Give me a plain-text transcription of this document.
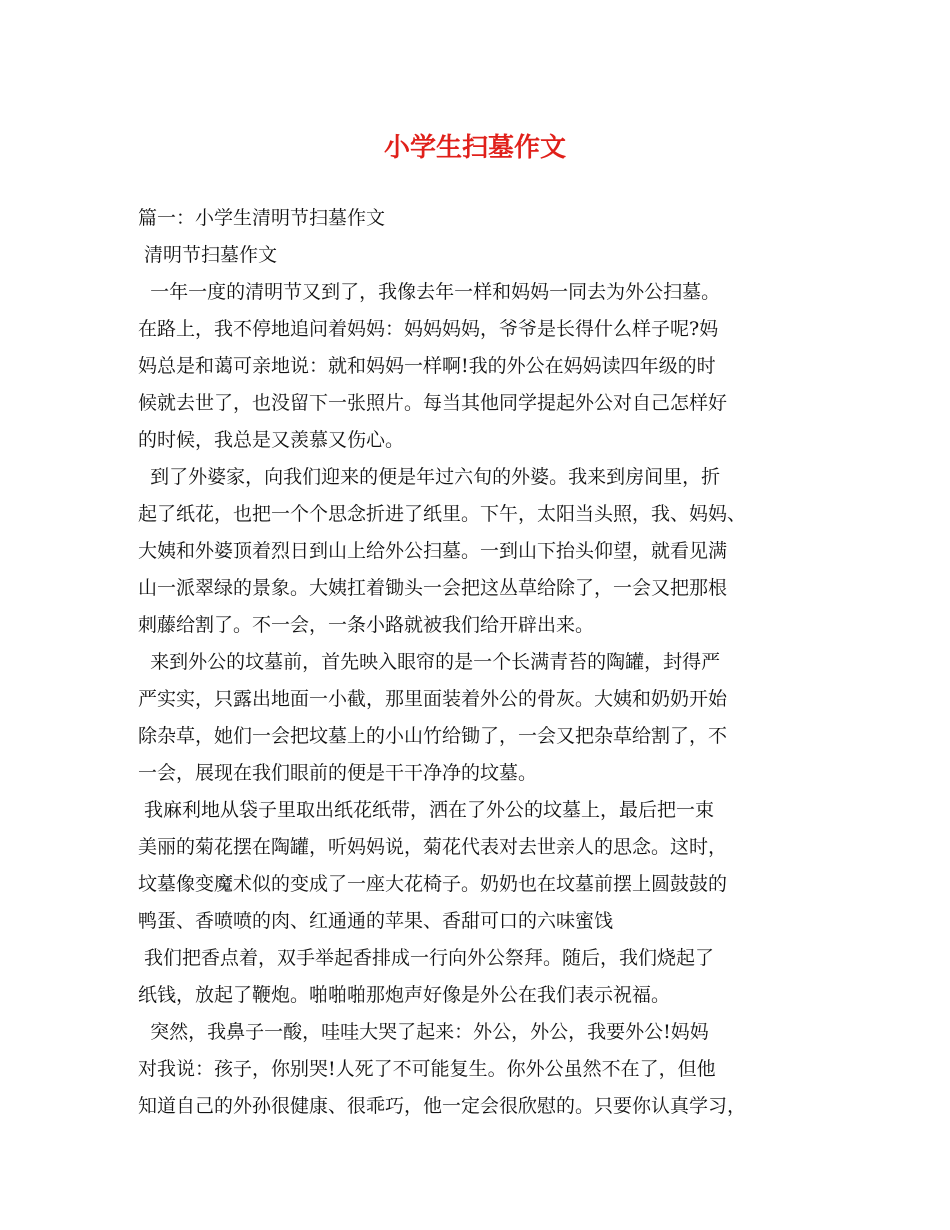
小学生扫墓作文
篇一：小学生清明节扫墓作文
清明节扫墓作文
一年一度的清明节又到了，我像去年一样和妈妈一同去为外公扫墓。
在路上，我不停地追问着妈妈：妈妈妈妈，爷爷是长得什么样子呢?妈
妈总是和蔼可亲地说：就和妈妈一样啊!我的外公在妈妈读四年级的时
候就去世了，也没留下一张照片。每当其他同学提起外公对自己怎样好
的时候，我总是又羡慕又伤心。
到了外婆家，向我们迎来的便是年过六旬的外婆。我来到房间里，折
起了纸花，也把一个个思念折进了纸里。下午，太阳当头照，我、妈妈、
大姨和外婆顶着烈日到山上给外公扫墓。一到山下抬头仰望，就看见满
山一派翠绿的景象。大姨扛着锄头一会把这丛草给除了，一会又把那根
刺藤给割了。不一会，一条小路就被我们给开辟出来。
来到外公的坟墓前，首先映入眼帘的是一个长满青苔的陶罐，封得严
严实实，只露出地面一小截，那里面装着外公的骨灰。大姨和奶奶开始
除杂草，她们一会把坟墓上的小山竹给锄了，一会又把杂草给割了，不
一会，展现在我们眼前的便是干干净净的坟墓。
我麻利地从袋子里取出纸花纸带，洒在了外公的坟墓上，最后把一束
美丽的菊花摆在陶罐，听妈妈说，菊花代表对去世亲人的思念。这时，
坟墓像变魔术似的变成了一座大花椅子。奶奶也在坟墓前摆上圆鼓鼓的
鸭蛋、香喷喷的肉、红通通的苹果、香甜可口的六味蜜饯
我们把香点着，双手举起香排成一行向外公祭拜。随后，我们烧起了
纸钱，放起了鞭炮。啪啪啪那炮声好像是外公在我们表示祝福。
突然，我鼻子一酸，哇哇大哭了起来：外公，外公，我要外公!妈妈
对我说：孩子，你别哭!人死了不可能复生。你外公虽然不在了，但他
知道自己的外孙很健康、很乖巧，他一定会很欣慰的。只要你认真学习，
